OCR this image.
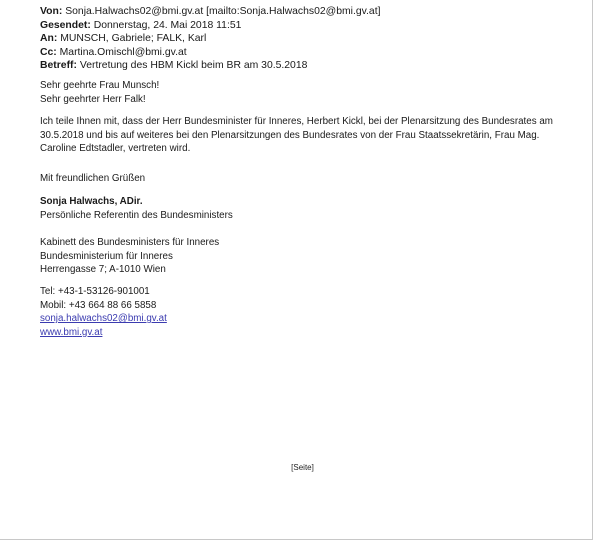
Von: Sonja.Halwachs02@bmi.gv.at [mailto:Sonja.Halwachs02@bmi.gv.at]
Gesendet: Donnerstag, 24. Mai 2018 11:51
An: MUNSCH, Gabriele; FALK, Karl
Cc: Martina.Omischl@bmi.gv.at
Betreff: Vertretung des HBM Kickl beim BR am 30.5.2018
Sehr geehrte Frau Munsch!
Sehr geehrter Herr Falk!
Ich teile Ihnen mit, dass der Herr Bundesminister für Inneres, Herbert Kickl, bei der Plenarsitzung des Bundesrates am
30.5.2018 und bis auf weiteres bei den Plenarsitzungen des Bundesrates von der Frau Staatssekretärin, Frau Mag.
Caroline Edtstadler, vertreten wird.
Mit freundlichen Grüßen
Sonja Halwachs, ADir.
Persönliche Referentin des Bundesministers
Kabinett des Bundesministers für Inneres
Bundesministerium für Inneres
Herrengasse 7; A-1010 Wien
Tel: +43-1-53126-901001
Mobil: +43 664 88 66 5858
sonja.halwachs02@bmi.gv.at
www.bmi.gv.at
[Seite]
